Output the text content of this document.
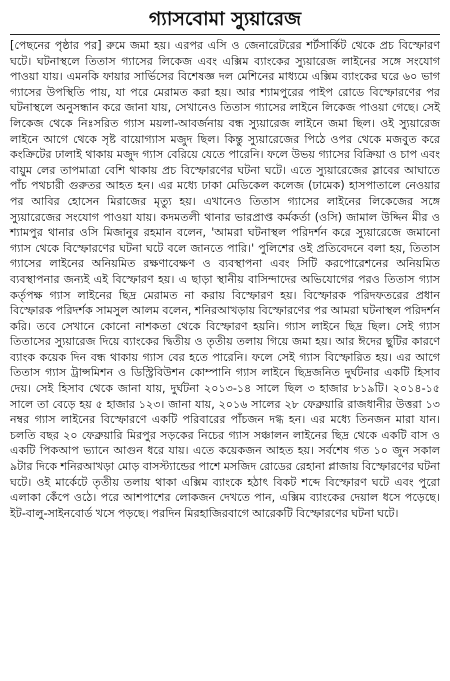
গ্যাসবোমা স্যুয়ারেজ

[পেছনের পৃষ্ঠার পর] রুমে জমা হয়। এরপর এসি ও জেনারেটরের শর্টসার্কিট থেকে প্রচ বিস্ফোরণ ঘটে। ঘটনাস্থলে তিতাস গ্যাসের লিকেজ এবং এক্সিম ব্যাংকের স্যুয়ারেজ লাইনের সঙ্গে সংযোগ পাওয়া যায়। এমনকি ফায়ার সার্ভিসের বিশেষজ্ঞ দল মেশিনের মাধ্যমে এক্সিম ব্যাংকের ঘরে ৬০ ভাগ গ্যাসের উপস্থিতি পায়, যা পরে মেরামত করা হয়। আর শ্যামপুরের পাইপ রোডে বিস্ফোরণের পর ঘটনাস্থলে অনুসন্ধান করে জানা যায়, সেখানেও তিতাস গ্যাসের লাইনে লিকেজ পাওয়া গেছে। সেই লিকেজ থেকে নিঃসরিত গ্যাস ময়লা-আবর্জনায় বন্ধ স্যুয়ারেজ লাইনে জমা ছিল। ওই স্যুয়ারেজ লাইনে আগে থেকে সৃষ্ট বায়োগ্যাস মজুদ ছিল। কিন্তু স্যুয়ারেজের পিঠে ওপর থেকে মজবুত করে কংক্রিটের ঢালাই থাকায় মজুদ গ্যাস বেরিয়ে যেতে পারেনি। ফলে উভয় গ্যাসের বিক্রিয়া ও চাপ এবং বায়ুম লের তাপমাত্রা বেশি থাকায় প্রচ বিস্ফোরণের ঘটনা ঘটে। এতে স্যুয়ারেজের স্লাবের আঘাতে পাঁচ পথচারী গুরুতর আহত হন। এর মধ্যে ঢাকা মেডিকেল কলেজ (ঢামেক) হাসপাতালে নেওয়ার পর আবির হোসেন মিরাজের মৃত্যু হয়। এখানেও তিতাস গ্যাসের লাইনের লিকেজের সঙ্গে স্যুয়ারেজের সংযোগ পাওয়া যায়। কদমতলী থানার ভারপ্রাপ্ত কর্মকর্তা (ওসি) জামাল উদ্দিন মীর ও শ্যামপুর থানার ওসি মিজানুর রহমান বলেন, 'আমরা ঘটনাস্থল পরিদর্শন করে স্যুয়ারেজে জমানো গ্যাস থেকে বিস্ফোরণের ঘটনা ঘটে বলে জানতে পারি।' পুলিশের ওই প্রতিবেদনে বলা হয়, তিতাস গ্যাসের লাইনের অনিয়মিত রক্ষণাবেক্ষণ ও ব্যবস্থাপনা এবং সিটি করপোরেশনের অনিয়মিত ব্যবস্থাপনার জন্যই এই বিস্ফোরণ হয়। এ ছাড়া স্থানীয় বাসিন্দাদের অভিযোগের পরও তিতাস গ্যাস কর্তৃপক্ষ গ্যাস লাইনের ছিদ্র মেরামত না করায় বিস্ফোরণ হয়। বিস্ফোরক পরিদফতরের প্রধান বিস্ফোরক পরিদর্শক সামসুল আলম বলেন, শনিরআখড়ায় বিস্ফোরণের পর আমরা ঘটনাস্থল পরিদর্শন করি। তবে সেখানে কোনো নাশকতা থেকে বিস্ফোরণ হয়নি। গ্যাস লাইনে ছিদ্র ছিল। সেই গ্যাস তিতাসের স্যুয়ারেজ দিয়ে ব্যাংকের দ্বিতীয় ও তৃতীয় তলায় গিয়ে জমা হয়। আর ঈদের ছুটির কারণে ব্যাংক কয়েক দিন বন্ধ থাকায় গ্যাস বের হতে পারেনি। ফলে সেই গ্যাস বিস্ফোরিত হয়। এর আগে তিতাস গ্যাস ট্রান্সমিশন ও ডিস্ট্রিবিউশন কোম্পানি গ্যাস লাইনে ছিদ্রজনিত দুর্ঘটনার একটি হিসাব দেয়। সেই হিসাব থেকে জানা যায়, দুর্ঘটনা ২০১৩-১৪ সালে ছিল ৩ হাজার ৮১৯টি। ২০১৪-১৫ সালে তা বেড়ে হয় ৫ হাজার ১২৩। জানা যায়, ২০১৬ সালের ২৮ ফেব্রুয়ারি রাজধানীর উত্তরা ১৩ নম্বর গ্যাস লাইনের বিস্ফোরণে একটি পরিবারের পাঁচজন দগ্ধ হন। এর মধ্যে তিনজন মারা যান। চলতি বছর ২০ ফেব্রুয়ারি মিরপুর সড়কের নিচের গ্যাস সঞ্চালন লাইনের ছিদ্র থেকে একটি বাস ও একটি পিকআপ ভ্যানে আগুন ধরে যায়। এতে কয়েকজন আহত হয়। সর্বশেষ গত ১০ জুন সকাল ৯টার দিকে শনিরআখড়া মোড় বাসস্ট্যান্ডের পাশে মসজিদ রোডের রেহানা প্লাজায় বিস্ফোরণের ঘটনা ঘটে। ওই মার্কেটে তৃতীয় তলায় থাকা এক্সিম ব্যাংকে হঠাৎ বিকট শব্দে বিস্ফোরণ ঘটে এবং পুরো এলাকা কেঁপে ওঠে। পরে আশপাশের লোকজন দেখতে পান, এক্সিম ব্যাংকের দেয়াল ধসে পড়েছে। ইট-বালু-সাইনবোর্ড খসে পড়ছে। পরদিন মিরহাজিরবাগে আরেকটি বিস্ফোরণের ঘটনা ঘটে।
